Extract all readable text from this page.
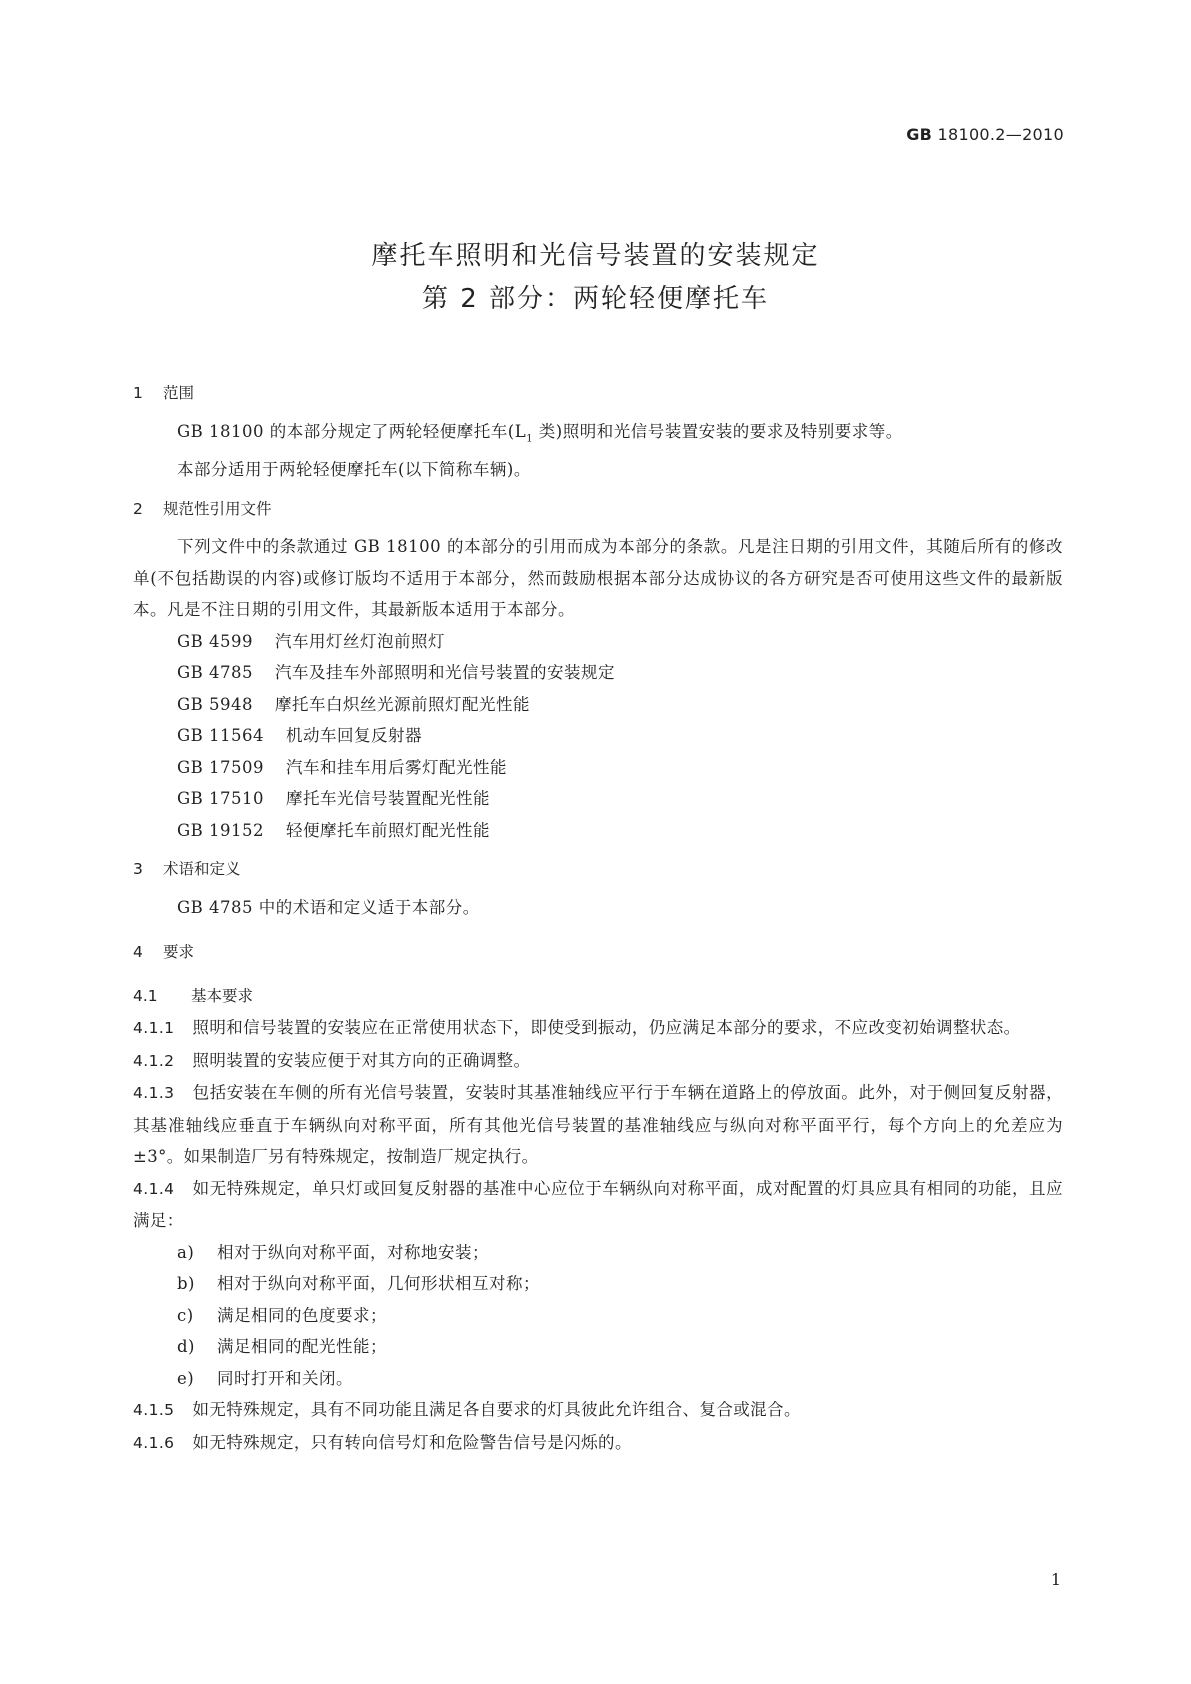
GB 18100.2—2010
摩托车照明和光信号装置的安装规定
第 2 部分：两轮轻便摩托车
1 范围

GB 18100 的本部分规定了两轮轻便摩托车($L_1$ 类)照明和光信号装置安装的要求及特别要求等。

本部分适用于两轮轻便摩托车(以下简称车辆)。

2 规范性引用文件

下列文件中的条款通过 GB 18100 的本部分的引用而成为本部分的条款。凡是注日期的引用文件，其随后所有的修改单(不包括勘误的内容)或修订版均不适用于本部分，然而鼓励根据本部分达成协议的各方研究是否可使用这些文件的最新版本。凡是不注日期的引用文件，其最新版本适用于本部分。

GB 4599 汽车用灯丝灯泡前照灯
GB 4785 汽车及挂车外部照明和光信号装置的安装规定
GB 5948 摩托车白炽丝光源前照灯配光性能
GB 11564 机动车回复反射器
GB 17509 汽车和挂车用后雾灯配光性能
GB 17510 摩托车光信号装置配光性能
GB 19152 轻便摩托车前照灯配光性能
3 术语和定义

GB 4785 中的术语和定义适于本部分。

4 要求
4.1 基本要求

4.1.1 照明和信号装置的安装应在正常使用状态下，即使受到振动，仍应满足本部分的要求，不应改变初始调整状态。

4.1.2 照明装置的安装应便于对其方向的正确调整。

4.1.3 包括安装在车侧的所有光信号装置，安装时其基准轴线应平行于车辆在道路上的停放面。此外，对于侧回复反射器，其基准轴线应垂直于车辆纵向对称平面，所有其他光信号装置的基准轴线应与纵向对称平面平行，每个方向上的允差应为±3°。如果制造厂另有特殊规定，按制造厂规定执行。

4.1.4 如无特殊规定，单只灯或回复反射器的基准中心应位于车辆纵向对称平面，成对配置的灯具应具有相同的功能，且应满足：

a) 相对于纵向对称平面，对称地安装；
b) 相对于纵向对称平面，几何形状相互对称；
c) 满足相同的色度要求；
d) 满足相同的配光性能；
e) 同时打开和关闭。

4.1.5 如无特殊规定，具有不同功能且满足各自要求的灯具彼此允许组合、复合或混合。

4.1.6 如无特殊规定，只有转向信号灯和危险警告信号是闪烁的。

1
